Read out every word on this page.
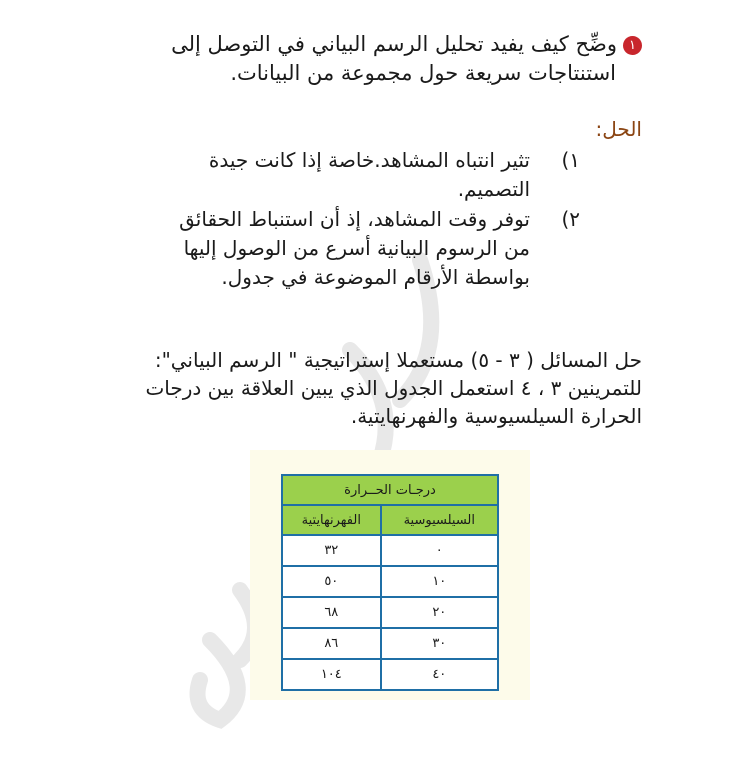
١وضِّح كيف يفيد تحليل الرسم البياني في التوصل إلى
استنتاجات سريعة حول مجموعة من البيانات.
الحل:
١)
تثير انتباه المشاهد.خاصة إذا كانت جيدة
التصميم.
٢)
توفر وقت المشاهد، إذ أن استنباط الحقائق
من الرسوم البيانية أسرع من الوصول إليها
بواسطة الأرقام الموضوعة في جدول.
حل المسائل ( ٣ - ٥) مستعملا إستراتيجية " الرسم البياني":
للتمرينين ٣ ، ٤ استعمل الجدول الذي يبين العلاقة بين درجات
الحرارة السيلسيوسية والفهرنهايتية.
درجـات الحــرارة	
السيلسيوسية	الفهرنهايتية
٠	٣٢
١٠	٥٠
٢٠	٦٨
٣٠	٨٦
٤٠	١٠٤
